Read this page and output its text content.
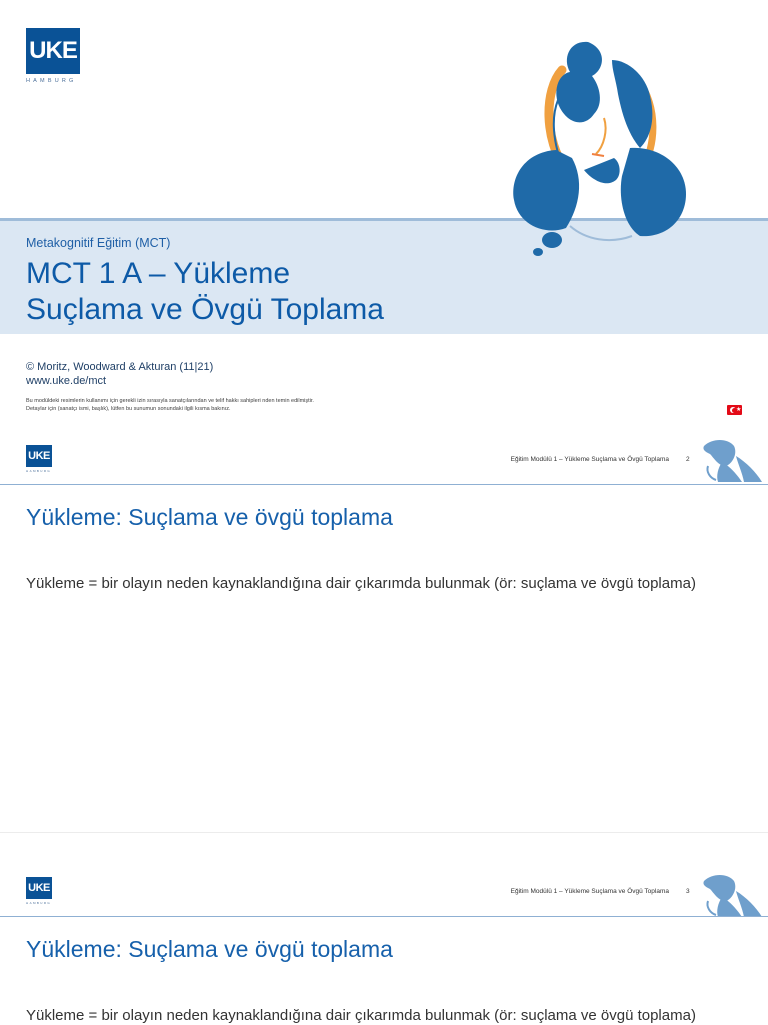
UKE
HAMBURG
Metakognitif Eğitim (MCT)
MCT 1 A – Yükleme
Suçlama ve Övgü Toplama
© Moritz, Woodward & Akturan (11|21)
www.uke.de/mct
Bu modüldeki resimlerin kullanımı için gerekli izin sırasıyla sanatçılarından ve telif hakkı sahipleri nden temin edilmiştir.
Detaylar için (sanatçı ismi, başlık), lütfen bu sunumun sonundaki ilgili kısma bakınız.	★
UKE
HAMBURG
Eğitim Modülü 1 – Yükleme Suçlama ve Övgü Toplama	2
Yükleme: Suçlama ve övgü toplama

Yükleme = bir olayın neden kaynaklandığına dair çıkarımda bulunmak (ör: suçlama ve övgü toplama)

UKE
HAMBURG
Eğitim Modülü 1 – Yükleme Suçlama ve Övgü Toplama	3
Yükleme: Suçlama ve övgü toplama

Yükleme = bir olayın neden kaynaklandığına dair çıkarımda bulunmak (ör: suçlama ve övgü toplama)
